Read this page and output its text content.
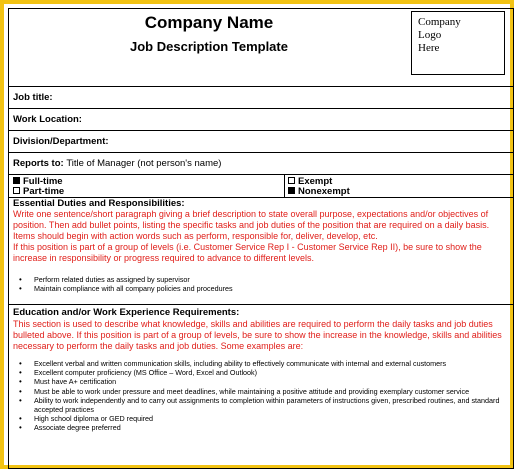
Company Name
Job Description Template
Company
Logo
Here
Job title:
Work Location:
Division/Department:
Reports to: Title of Manager (not person's name)
Full-time
Part-time
Exempt
Nonexempt
Essential Duties and Responsibilities:
Write one sentence/short paragraph giving a brief description to state overall purpose, expectations and/or objectives of position. Then add bullet points, listing the specific tasks and job duties of the position that are required on a daily basis. Items should begin with action words such as perform, responsible for, deliver, develop, etc.
If this position is part of a group of levels (i.e. Customer Service Rep I - Customer Service Rep II), be sure to show the increase in responsibility or progress required to advance to different levels.
• Perform related duties as assigned by supervisor
• Maintain compliance with all company policies and procedures
Education and/or Work Experience Requirements:
This section is used to describe what knowledge, skills and abilities are required to perform the daily tasks and job duties bulleted above. If this position is part of a group of levels, be sure to show the increase in the knowledge, skills and abilities necessary to perform the daily tasks and job duties. Some examples are:
• Excellent verbal and written communication skills, including ability to effectively communicate with internal and external customers
• Excellent computer proficiency (MS Office – Word, Excel and Outlook)
• Must have A+ certification
• Must be able to work under pressure and meet deadlines, while maintaining a positive attitude and providing exemplary customer service
• Ability to work independently and to carry out assignments to completion within parameters of instructions given, prescribed routines, and standard accepted practices
• High school diploma or GED required
• Associate degree preferred
